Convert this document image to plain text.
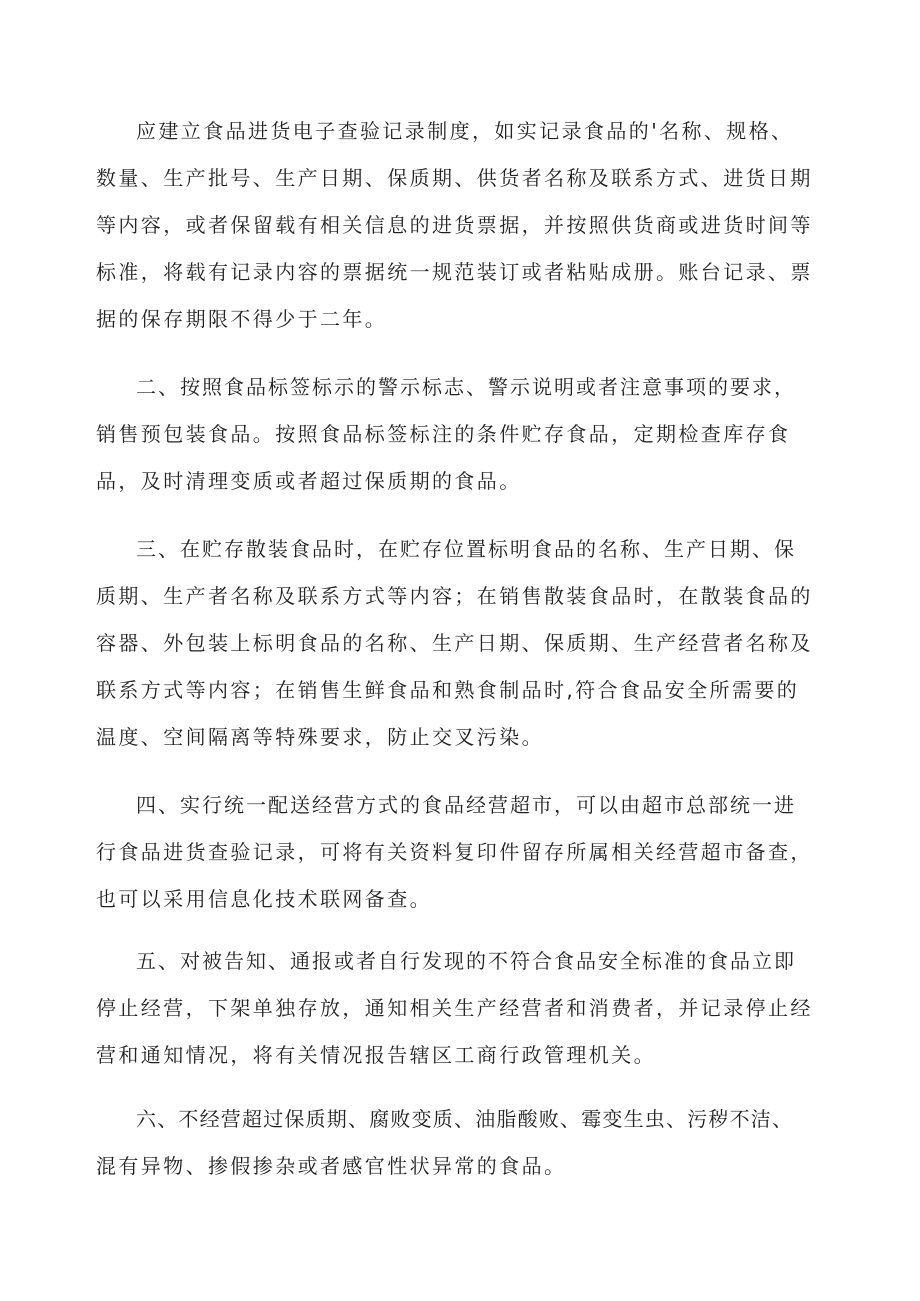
应建立食品进货电子查验记录制度，如实记录食品的'名称、规格、
数量、生产批号、生产日期、保质期、供货者名称及联系方式、进货日期
等内容，或者保留载有相关信息的进货票据，并按照供货商或进货时间等
标准，将载有记录内容的票据统一规范装订或者粘贴成册。账台记录、票
据的保存期限不得少于二年。
二、按照食品标签标示的警示标志、警示说明或者注意事项的要求，
销售预包装食品。按照食品标签标注的条件贮存食品，定期检查库存食
品，及时清理变质或者超过保质期的食品。
三、在贮存散装食品时，在贮存位置标明食品的名称、生产日期、保
质期、生产者名称及联系方式等内容；在销售散装食品时，在散装食品的
容器、外包装上标明食品的名称、生产日期、保质期、生产经营者名称及
联系方式等内容；在销售生鲜食品和熟食制品时,符合食品安全所需要的
温度、空间隔离等特殊要求，防止交叉污染。
四、实行统一配送经营方式的食品经营超市，可以由超市总部统一进
行食品进货查验记录，可将有关资料复印件留存所属相关经营超市备查，
也可以采用信息化技术联网备查。
五、对被告知、通报或者自行发现的不符合食品安全标准的食品立即
停止经营，下架单独存放，通知相关生产经营者和消费者，并记录停止经
营和通知情况，将有关情况报告辖区工商行政管理机关。
六、不经营超过保质期、腐败变质、油脂酸败、霉变生虫、污秽不洁、
混有异物、掺假掺杂或者感官性状异常的食品。
